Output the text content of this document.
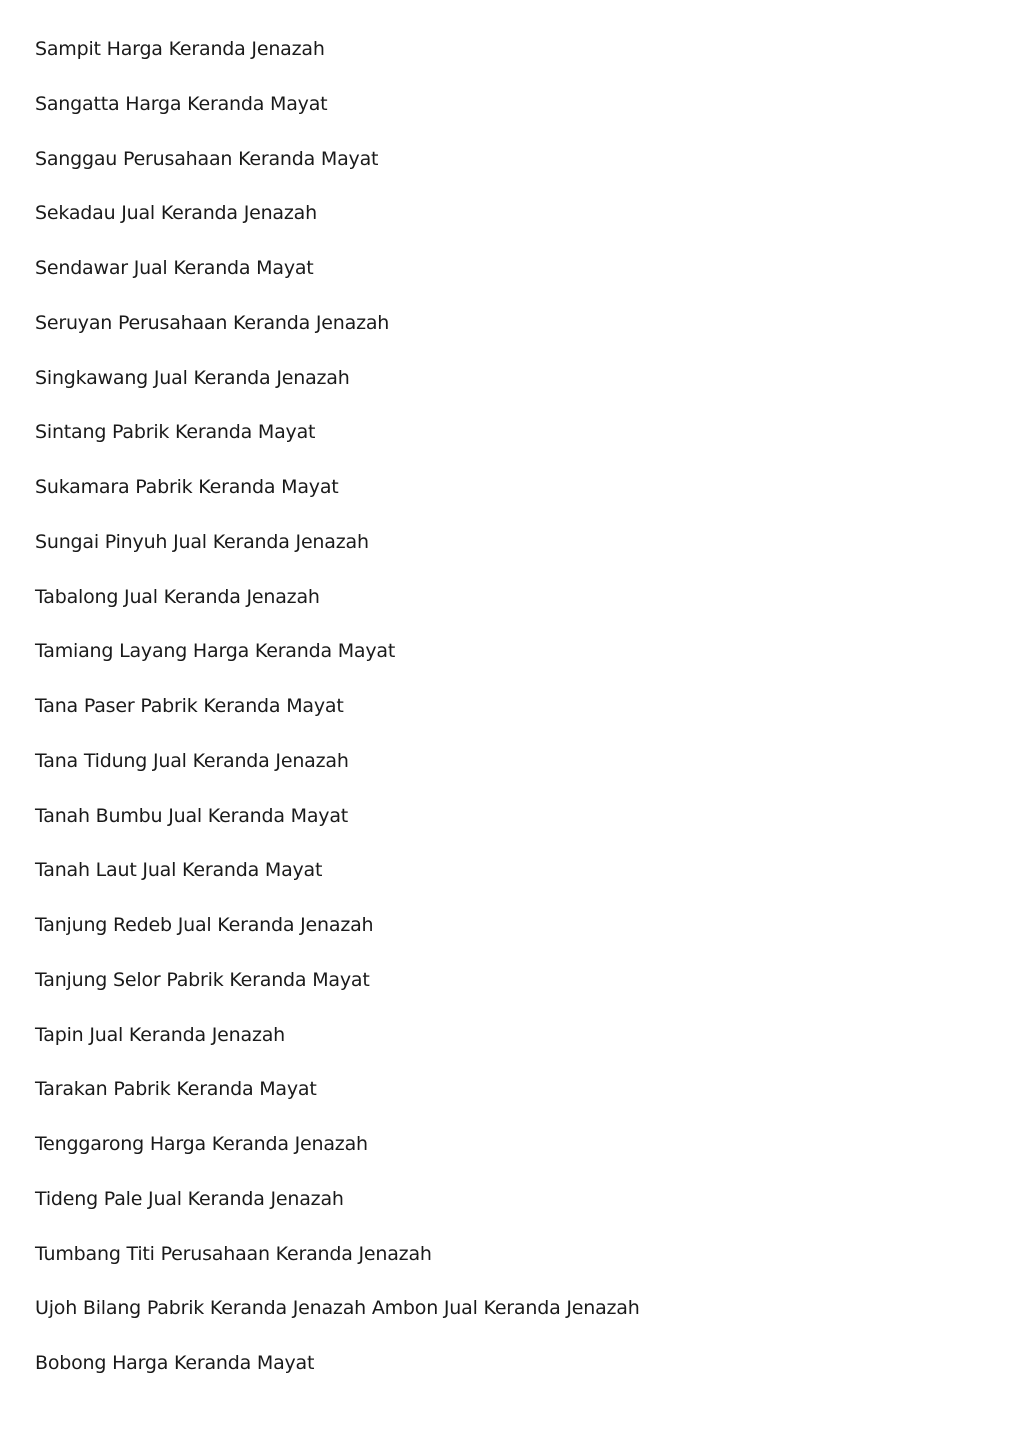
Sampit Harga Keranda Jenazah
Sangatta Harga Keranda Mayat
Sanggau Perusahaan Keranda Mayat
Sekadau Jual Keranda Jenazah
Sendawar Jual Keranda Mayat
Seruyan Perusahaan Keranda Jenazah
Singkawang Jual Keranda Jenazah
Sintang Pabrik Keranda Mayat
Sukamara Pabrik Keranda Mayat
Sungai Pinyuh Jual Keranda Jenazah
Tabalong Jual Keranda Jenazah
Tamiang Layang Harga Keranda Mayat
Tana Paser Pabrik Keranda Mayat
Tana Tidung Jual Keranda Jenazah
Tanah Bumbu Jual Keranda Mayat
Tanah Laut Jual Keranda Mayat
Tanjung Redeb Jual Keranda Jenazah
Tanjung Selor Pabrik Keranda Mayat
Tapin Jual Keranda Jenazah
Tarakan Pabrik Keranda Mayat
Tenggarong Harga Keranda Jenazah
Tideng Pale Jual Keranda Jenazah
Tumbang Titi Perusahaan Keranda Jenazah
Ujoh Bilang Pabrik Keranda Jenazah Ambon Jual Keranda Jenazah
Bobong Harga Keranda Mayat
